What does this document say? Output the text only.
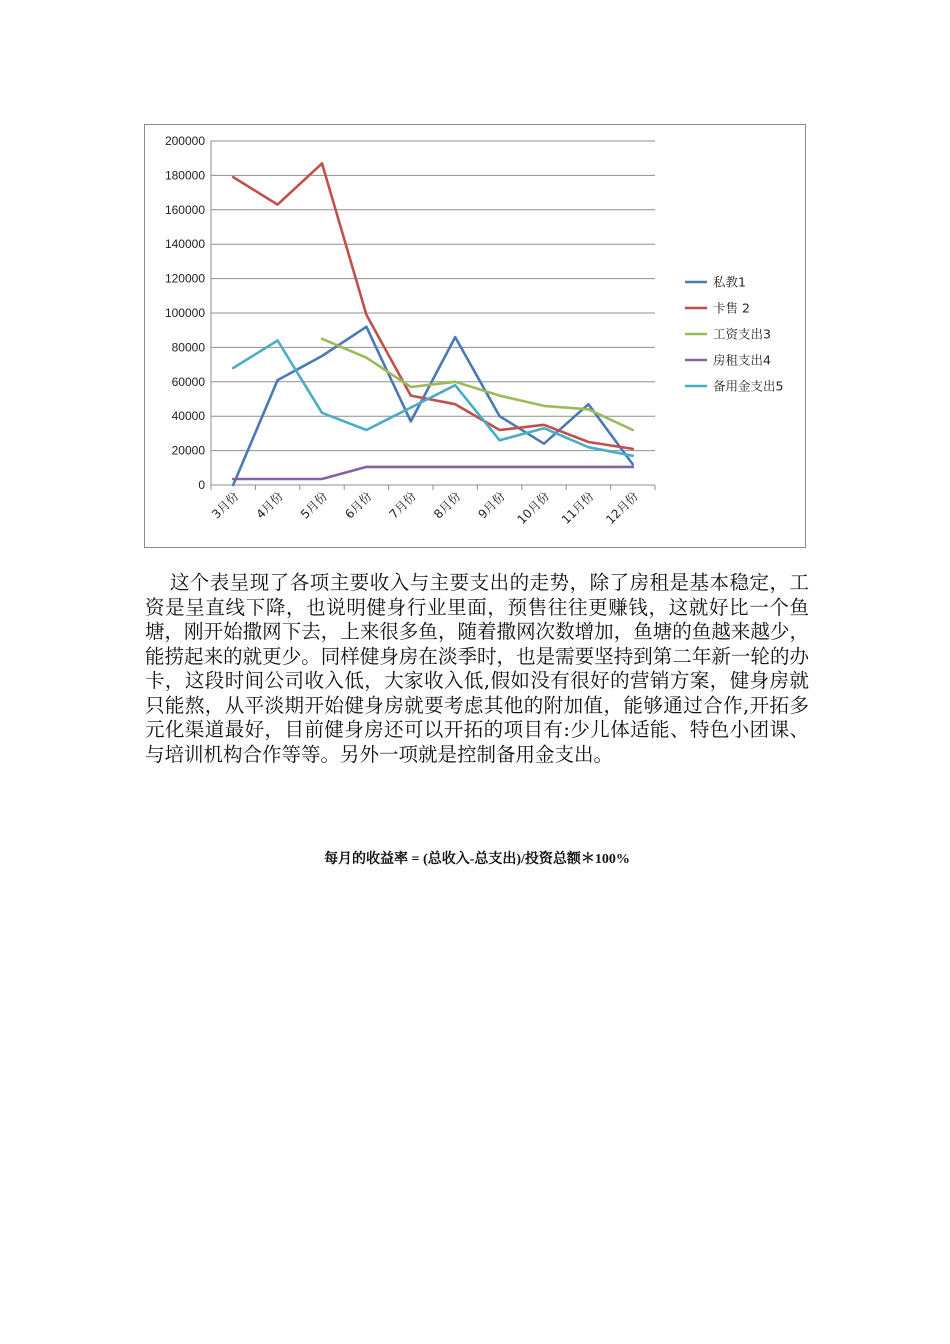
0
20000
40000
60000
80000
100000
120000
140000
160000
180000
200000
3月份 4月份 5月份 6月份 7月份 8月份 9月份 10月份 11月份 12月份
私教1
卡售 2
工资支出3
房租支出4
备用金支出5

这个表呈现了各项主要收入与主要支出的走势，除了房租是基本稳定，工资是呈直线下降，也说明健身行业里面，预售往往更赚钱，这就好比一个鱼塘，刚开始撒网下去，上来很多鱼，随着撒网次数增加，鱼塘的鱼越来越少，能捞起来的就更少。同样健身房在淡季时，也是需要坚持到第二年新一轮的办卡，这段时间公司收入低，大家收入低,假如没有很好的营销方案，健身房就只能熬，从平淡期开始健身房就要考虑其他的附加值，能够通过合作,开拓多元化渠道最好，目前健身房还可以开拓的项目有:少儿体适能、特色小团课、与培训机构合作等等。另外一项就是控制备用金支出。

每月的收益率 = (总收入-总支出)/投资总额＊100%
